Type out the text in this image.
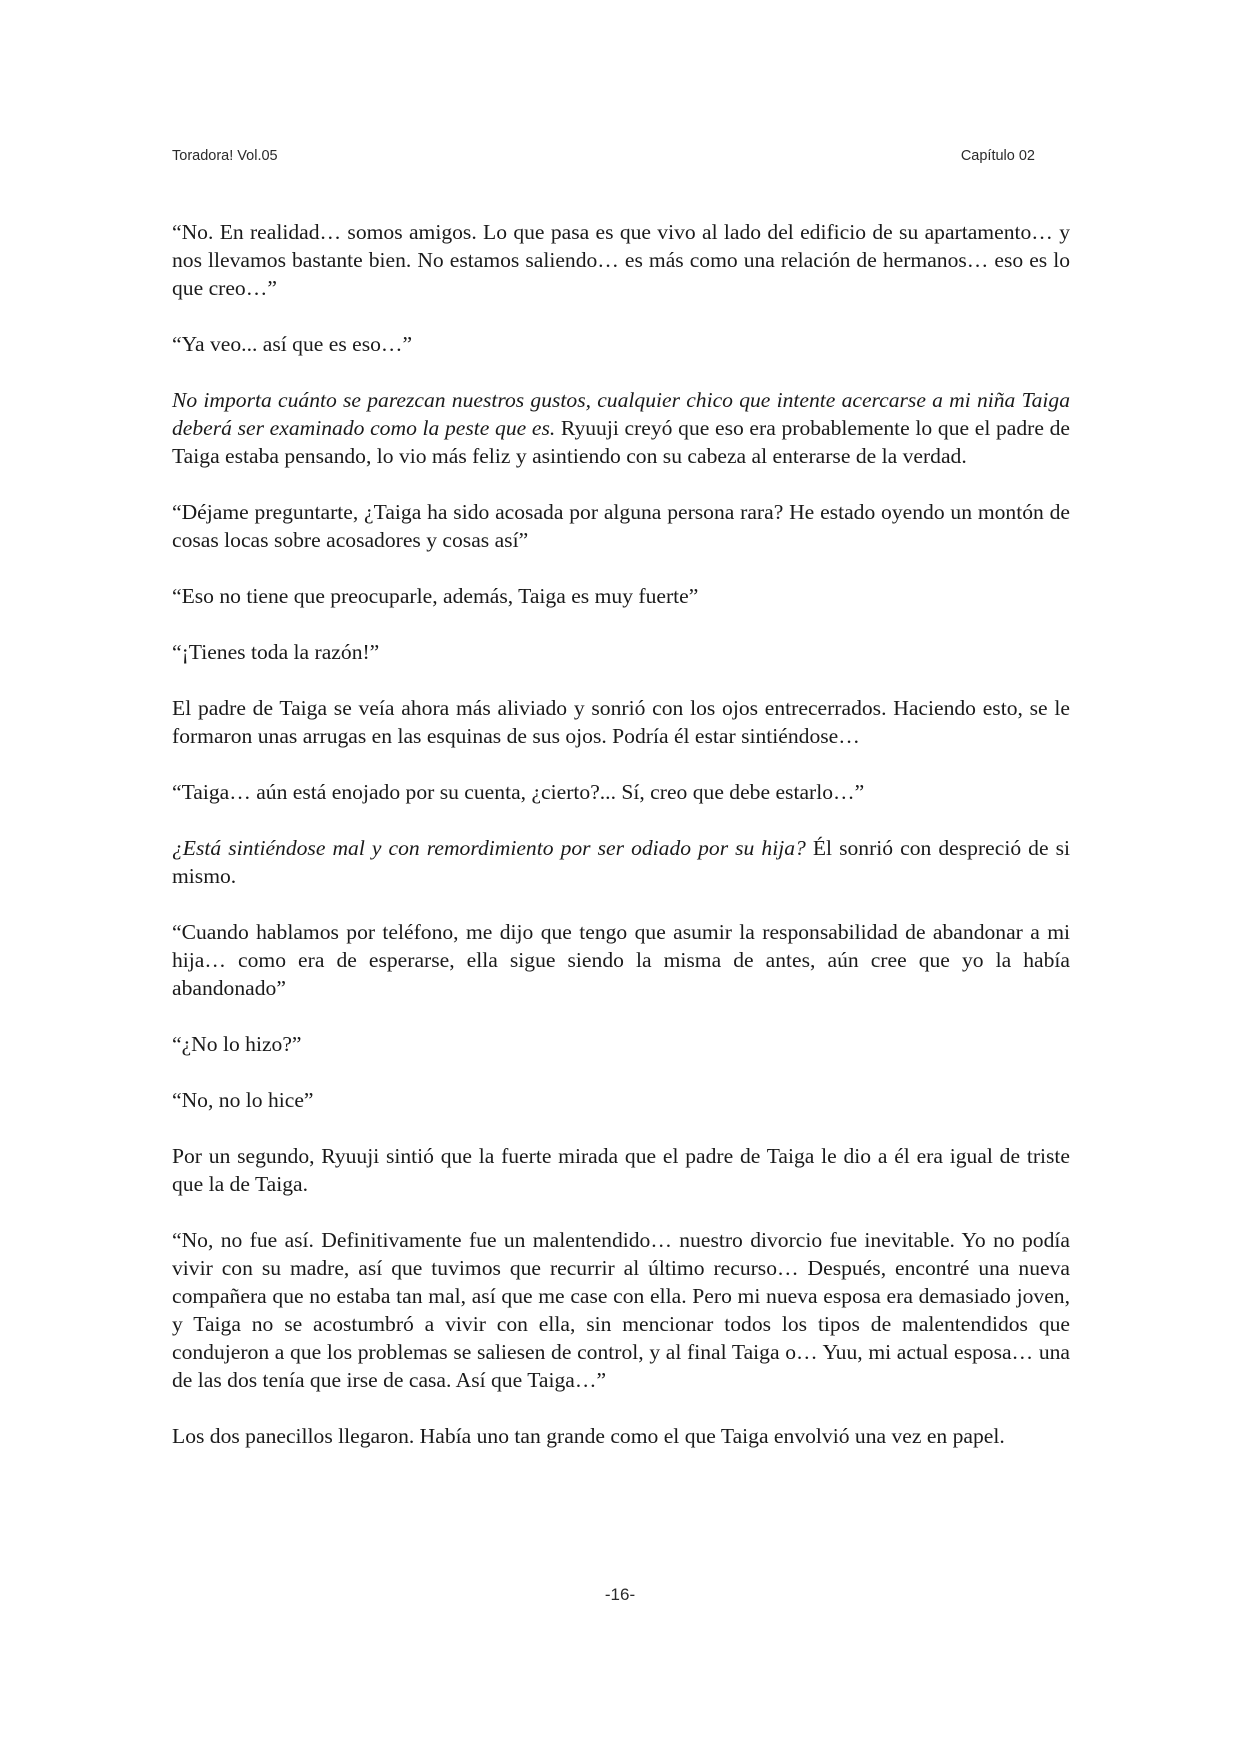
Toradora! Vol.05	Capítulo 02

“No. En realidad… somos amigos. Lo que pasa es que vivo al lado del edificio de su apartamento… y nos llevamos bastante bien. No estamos saliendo… es más como una relación de hermanos… eso es lo que creo…”

“Ya veo... así que es eso…”

No importa cuánto se parezcan nuestros gustos, cualquier chico que intente acercarse a mi niña Taiga deberá ser examinado como la peste que es. Ryuuji creyó que eso era probablemente lo que el padre de Taiga estaba pensando, lo vio más feliz y asintiendo con su cabeza al enterarse de la verdad.

“Déjame preguntarte, ¿Taiga ha sido acosada por alguna persona rara? He estado oyendo un montón de cosas locas sobre acosadores y cosas así”

“Eso no tiene que preocuparle, además, Taiga es muy fuerte”

“¡Tienes toda la razón!”

El padre de Taiga se veía ahora más aliviado y sonrió con los ojos entrecerrados. Haciendo esto, se le formaron unas arrugas en las esquinas de sus ojos. Podría él estar sintiéndose…

“Taiga… aún está enojado por su cuenta, ¿cierto?... Sí, creo que debe estarlo…”

¿Está sintiéndose mal y con remordimiento por ser odiado por su hija? Él sonrió con despreció de si mismo.

“Cuando hablamos por teléfono, me dijo que tengo que asumir la responsabilidad de abandonar a mi hija… como era de esperarse, ella sigue siendo la misma de antes, aún cree que yo la había abandonado”

“¿No lo hizo?”

“No, no lo hice”

Por un segundo, Ryuuji sintió que la fuerte mirada que el padre de Taiga le dio a él era igual de triste que la de Taiga.

“No, no fue así. Definitivamente fue un malentendido… nuestro divorcio fue inevitable. Yo no podía vivir con su madre, así que tuvimos que recurrir al último recurso… Después, encontré una nueva compañera que no estaba tan mal, así que me case con ella. Pero mi nueva esposa era demasiado joven, y Taiga no se acostumbró a vivir con ella, sin mencionar todos los tipos de malentendidos que condujeron a que los problemas se saliesen de control, y al final Taiga o… Yuu, mi actual esposa… una de las dos tenía que irse de casa. Así que Taiga…”

Los dos panecillos llegaron. Había uno tan grande como el que Taiga envolvió una vez en papel.

-16-
